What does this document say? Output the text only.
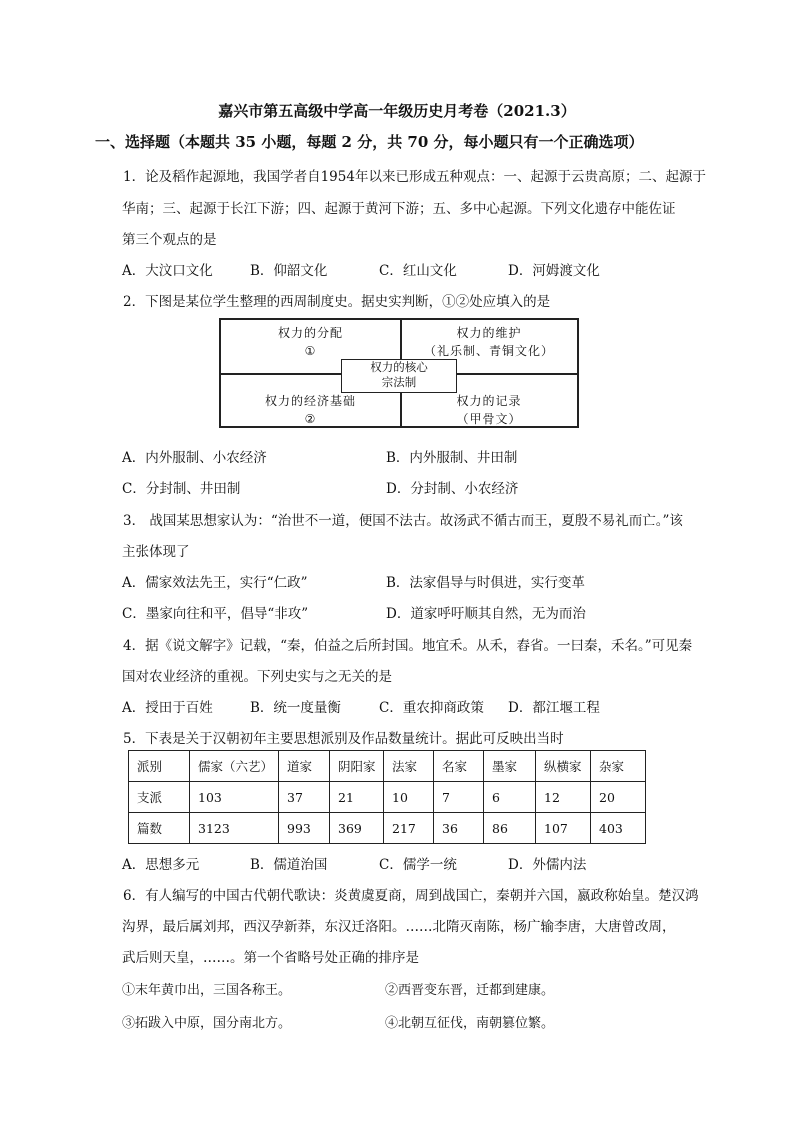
嘉兴市第五高级中学高一年级历史月考卷（2021.3）
一、选择题（本题共 35 小题，每题 2 分，共 70 分，每小题只有一个正确选项）
1．论及稻作起源地，我国学者自1954年以来已形成五种观点：一、起源于云贵高原；二、起源于
华南；三、起源于长江下游；四、起源于黄河下游；五、多中心起源。下列文化遗存中能佐证
第三个观点的是
A．大汶口文化	B．仰韶文化	C．红山文化	D．河姆渡文化
2．下图是某位学生整理的西周制度史。据史实判断，①②处应填入的是
权力的分配
①
权力的维护
（礼乐制、青铜文化）
权力的经济基础
②
权力的记录
（甲骨文）
权力的核心
宗法制
A．内外服制、小农经济	B．内外服制、井田制
C．分封制、井田制	D．分封制、小农经济
3． 战国某思想家认为：“治世不一道，便国不法古。故汤武不循古而王，夏殷不易礼而亡。”该
主张体现了
A．儒家效法先王，实行“仁政”	B．法家倡导与时俱进，实行变革
C．墨家向往和平，倡导“非攻”	D．道家呼吁顺其自然，无为而治
4．据《说文解字》记载，“秦，伯益之后所封国。地宜禾。从禾，舂省。一曰秦，禾名。”可见秦
国对农业经济的重视。下列史实与之无关的是
A．授田于百姓	B．统一度量衡	C．重农抑商政策 D．都江堰工程
5．下表是关于汉朝初年主要思想派别及作品数量统计。据此可反映出当时
派别	儒家（六艺）	道家	阴阳家	法家	名家	墨家	纵横家	杂家
支派	103	37	21	10	7	6	12	20
篇数	3123	993	369	217	36	86	107	403
A．思想多元	B．儒道治国	C．儒学一统	D．外儒内法
6．有人编写的中国古代朝代歌诀：炎黄虞夏商，周到战国亡，秦朝并六国，嬴政称始皇。楚汉鸿
沟界，最后属刘邦，西汉孕新莽，东汉迁洛阳。……北隋灭南陈，杨广输李唐，大唐曾改周，
武后则天皇，……。第一个省略号处正确的排序是
①末年黄巾出，三国各称王。	②西晋变东晋，迁都到建康。
③拓跋入中原，国分南北方。	④北朝互征伐，南朝篡位繁。
